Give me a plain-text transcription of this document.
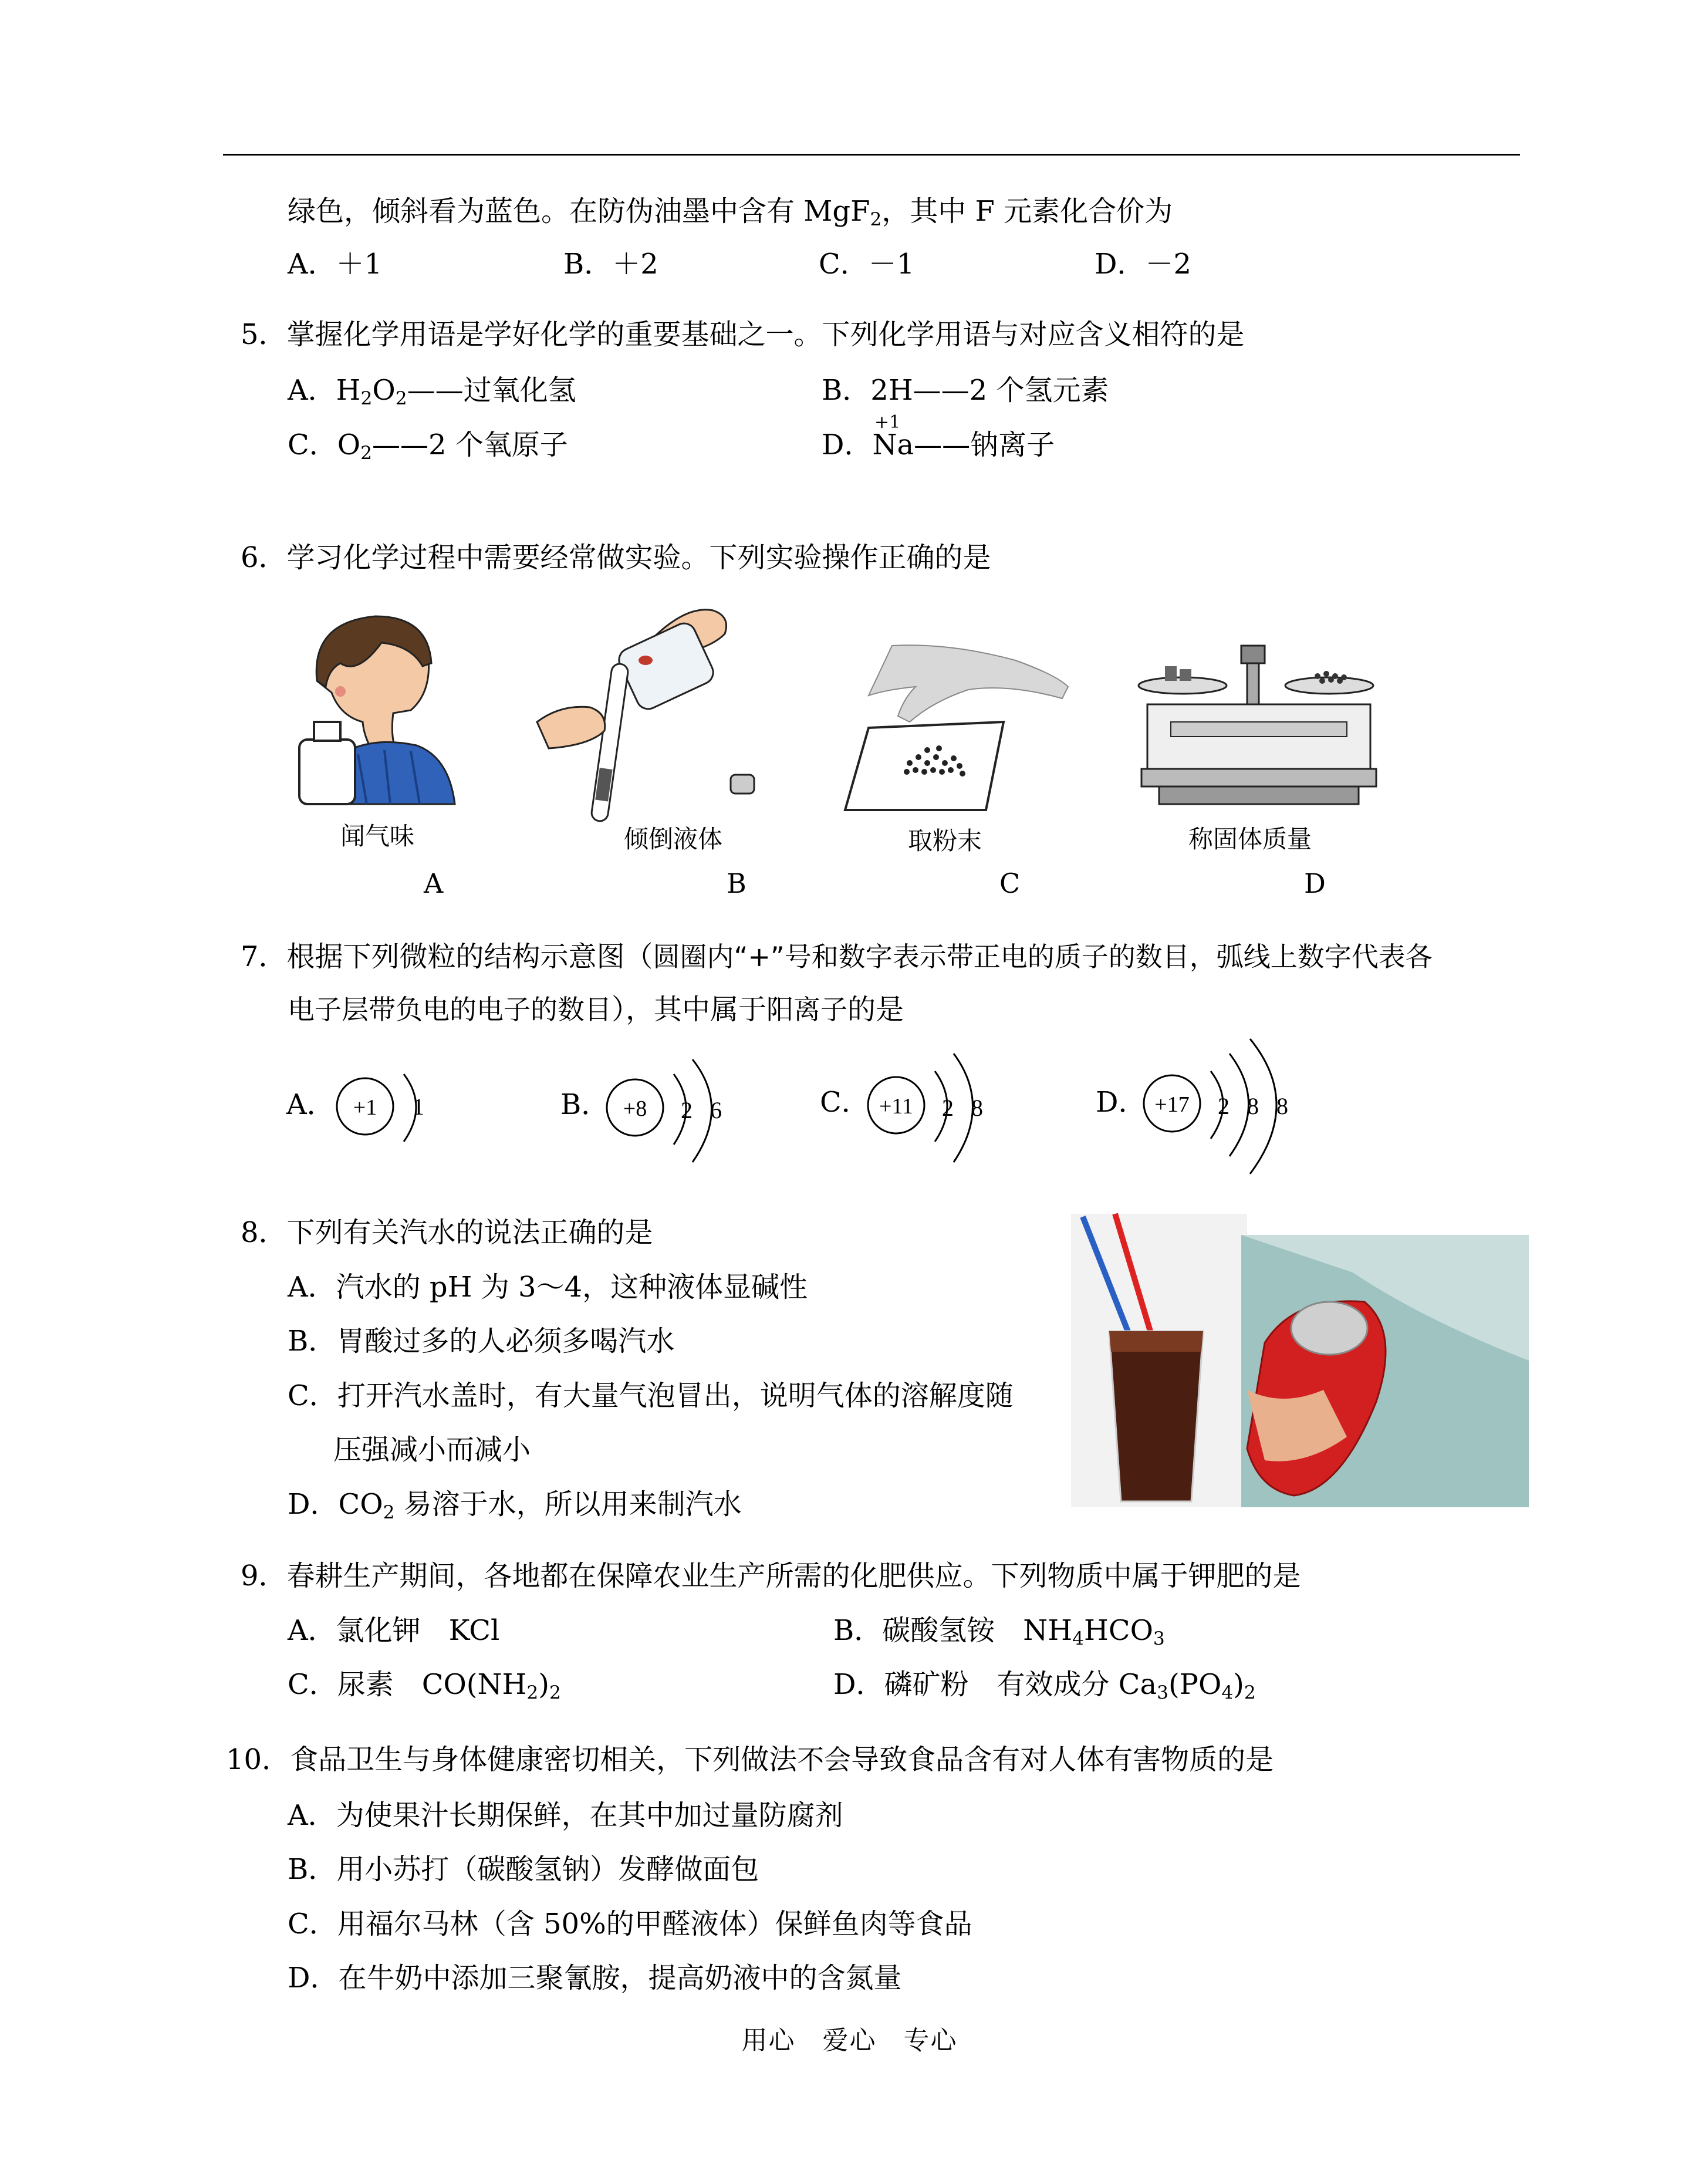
绿色，倾斜看为蓝色。在防伪油墨中含有 MgF$_2$，其中 F 元素化合价为
A．＋1	B．＋2	C．－1	D．－2
5．掌握化学用语是学好化学的重要基础之一。下列化学用语与对应含义相符的是
A．$H_2O_2——$过氧化氢	B．2H——2 个氢元素
C．$O_2——2$ 个氧原子
+1
D．Na——钠离子
6．学习化学过程中需要经常做实验。下列实验操作正确的是
闻气味
A
倾倒液体
B
取粉末
C
称固体质量
D
7．根据下列微粒的结构示意图（圆圈内“+”号和数字表示带正电的质子的数目，弧线上数字代表各
电子层带负电的电子的数目），其中属于阳离子的是
A． +1 1	B． +8 2 6	C． +11 2 8	D． +17 2 8 8
8．下列有关汽水的说法正确的是
A．汽水的 pH 为 3～4，这种液体显碱性
B．胃酸过多的人必须多喝汽水
C．打开汽水盖时，有大量气泡冒出，说明气体的溶解度随
压强减小而减小
D．$CO_2$ 易溶于水，所以用来制汽水
9．春耕生产期间，各地都在保障农业生产所需的化肥供应。下列物质中属于钾肥的是
A．氯化钾　KCl	B．碳酸氢铵　$NH_4HCO_3$
C．尿素　$CO(NH_2)_2$	D．磷矿粉　有效成分 $Ca_3(PO_4)_2$
10．食品卫生与身体健康密切相关，下列做法不会导致食品含有对人体有害物质的是
A．为使果汁长期保鲜，在其中加过量防腐剂
B．用小苏打（碳酸氢钠）发酵做面包
C．用福尔马林（含 50%的甲醛液体）保鲜鱼肉等食品
D．在牛奶中添加三聚氰胺，提高奶液中的含氮量
用心　爱心　专心
